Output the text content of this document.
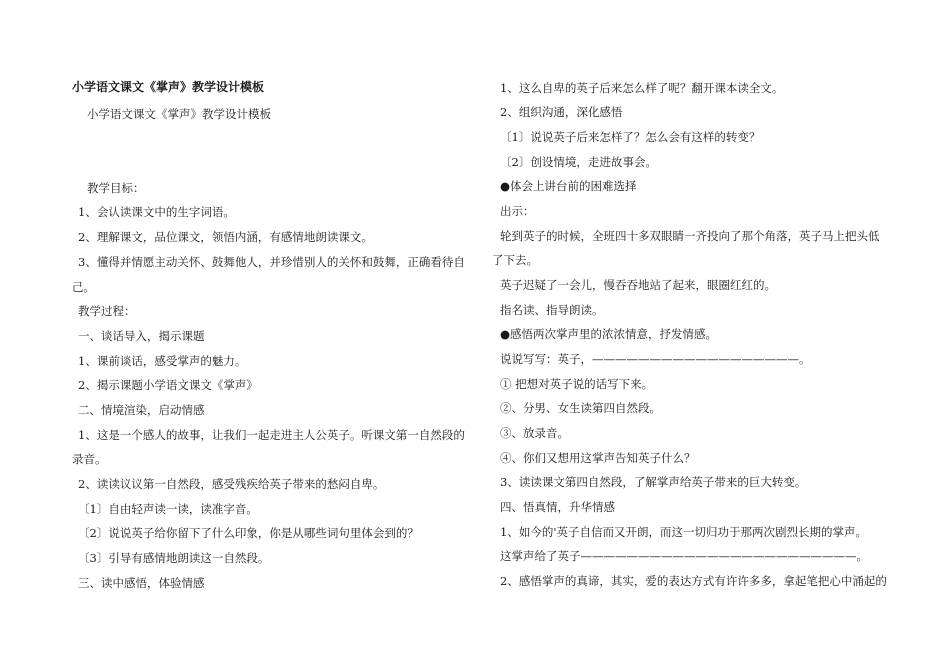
小学语文课文《掌声》教学设计模板
小学语文课文《掌声》教学设计模板
教学目标：
1、会认读课文中的生字词语。
2、理解课文，品位课文，领悟内涵，有感情地朗读课文。
3、懂得并情愿主动关怀、鼓舞他人，并珍惜别人的关怀和鼓舞，正确看待自
己。
教学过程：
一、谈话导入，揭示课题
1、课前谈话，感受掌声的魅力。
2、揭示课题小学语文课文《掌声》
二、情境渲染，启动情感
1、这是一个感人的故事，让我们一起走进主人公英子。听课文第一自然段的
录音。
2、读读议议第一自然段，感受残疾给英子带来的愁闷自卑。
〔1〕自由轻声读一读，读准字音。
〔2〕说说英子给你留下了什么印象，你是从哪些词句里体会到的？
〔3〕引导有感情地朗读这一自然段。
三、读中感悟，体验情感
1、这么自卑的英子后来怎么样了呢？翻开课本读全文。
2、组织沟通，深化感悟
〔1〕说说英子后来怎样了？怎么会有这样的转变？
〔2〕创设情境，走进故事会。
●体会上讲台前的困难选择
出示：
轮到英子的时候，全班四十多双眼睛一齐投向了那个角落，英子马上把头低
了下去。
英子迟疑了一会儿，慢吞吞地站了起来，眼圈红红的。
指名读、指导朗读。
●感悟两次掌声里的浓浓情意，抒发情感。
说说写写：英子，——————————————————。
① 把想对英子说的话写下来。
②、分男、女生读第四自然段。
③、放录音。
④、你们又想用这掌声告知英子什么？
3、读读课文第四自然段，了解掌声给英子带来的巨大转变。
四、悟真情，升华情感
1、如今的'英子自信而又开朗，而这一切归功于那两次剧烈长期的掌声。
这掌声给了英子————————————————————————。
2、感悟掌声的真谛，其实，爱的表达方式有许许多多，拿起笔把心中涌起的
